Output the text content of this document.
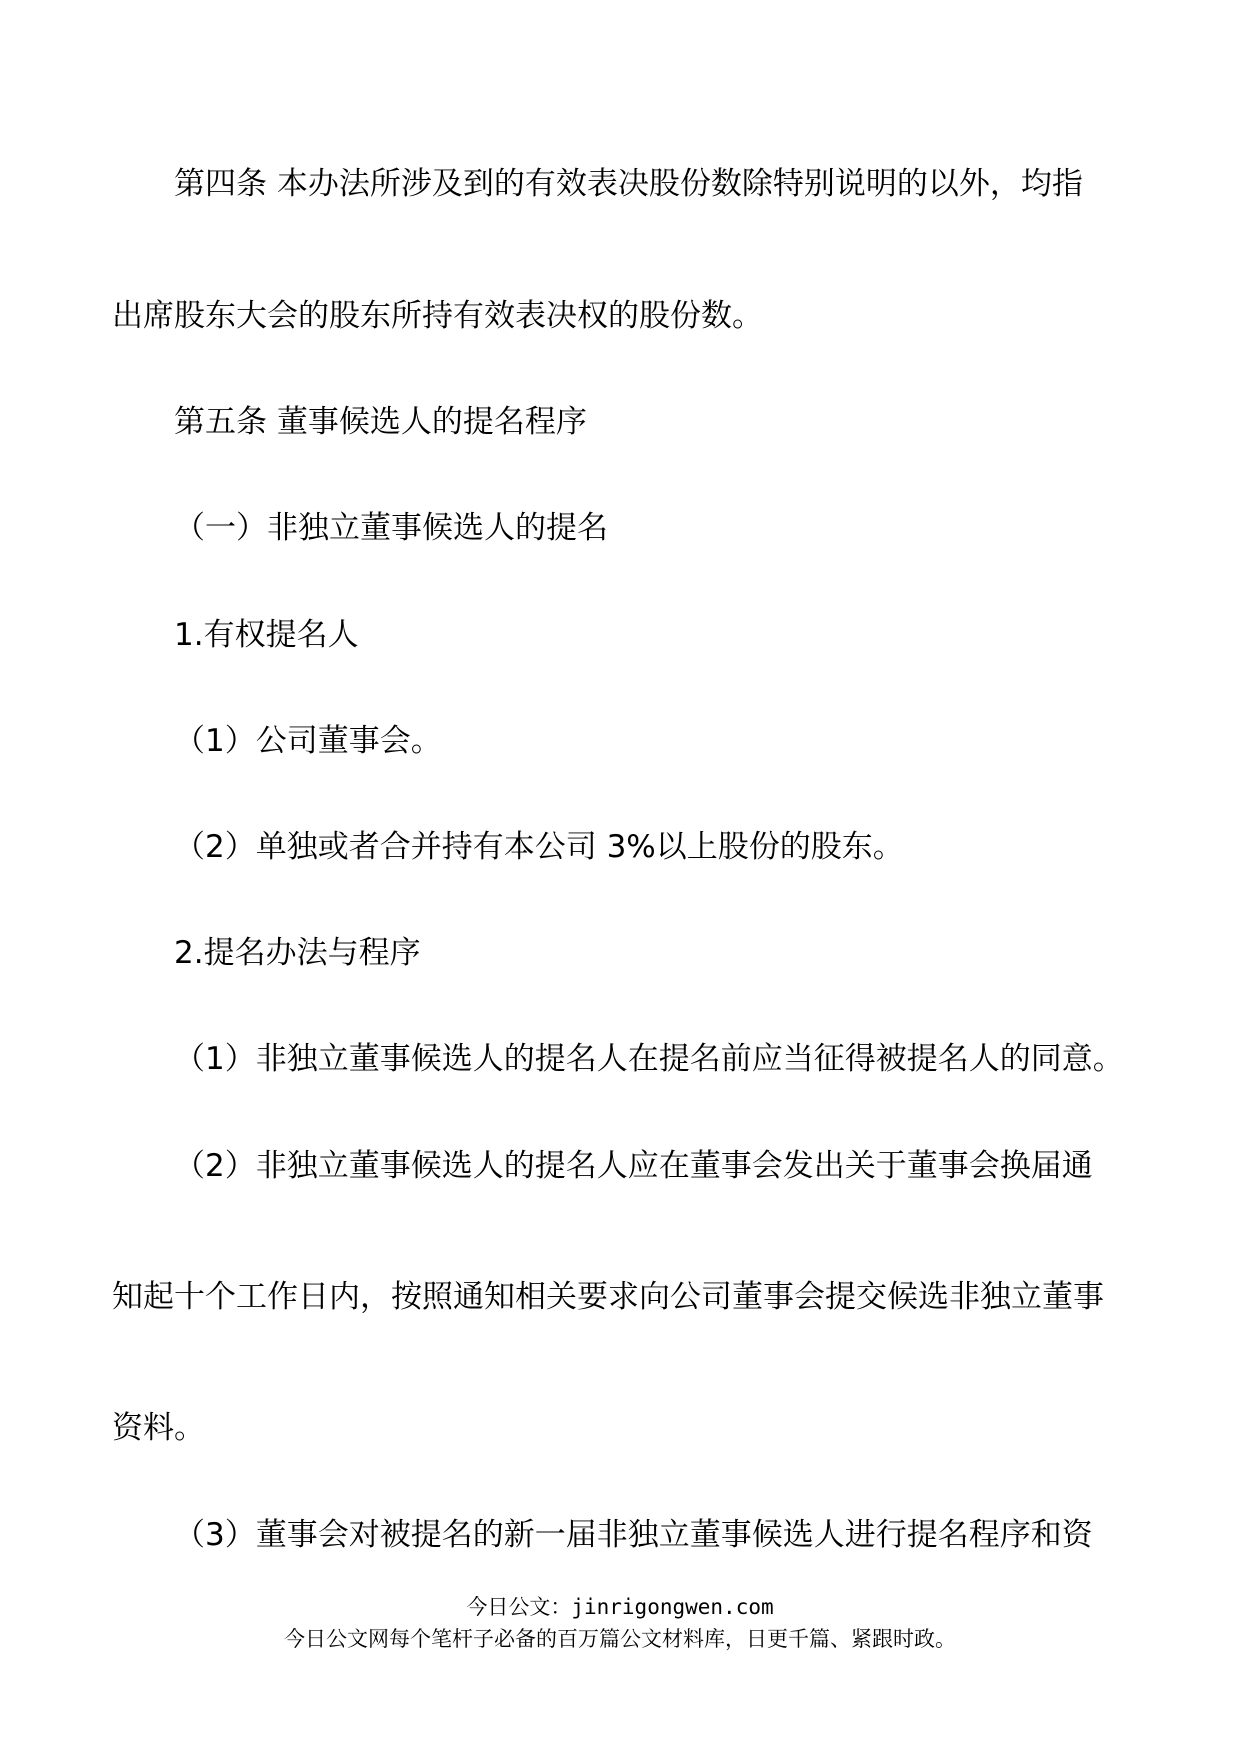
第四条 本办法所涉及到的有效表决股份数除特别说明的以外，均指

出席股东大会的股东所持有效表决权的股份数。

第五条 董事候选人的提名程序

（一）非独立董事候选人的提名

1.有权提名人

（1）公司董事会。

（2）单独或者合并持有本公司 3%以上股份的股东。

2.提名办法与程序

（1）非独立董事候选人的提名人在提名前应当征得被提名人的同意。

（2）非独立董事候选人的提名人应在董事会发出关于董事会换届通

知起十个工作日内，按照通知相关要求向公司董事会提交候选非独立董事

资料。

（3）董事会对被提名的新一届非独立董事候选人进行提名程序和资

今日公文：jinrigongwen.com
今日公文网每个笔杆子必备的百万篇公文材料库，日更千篇、紧跟时政。
